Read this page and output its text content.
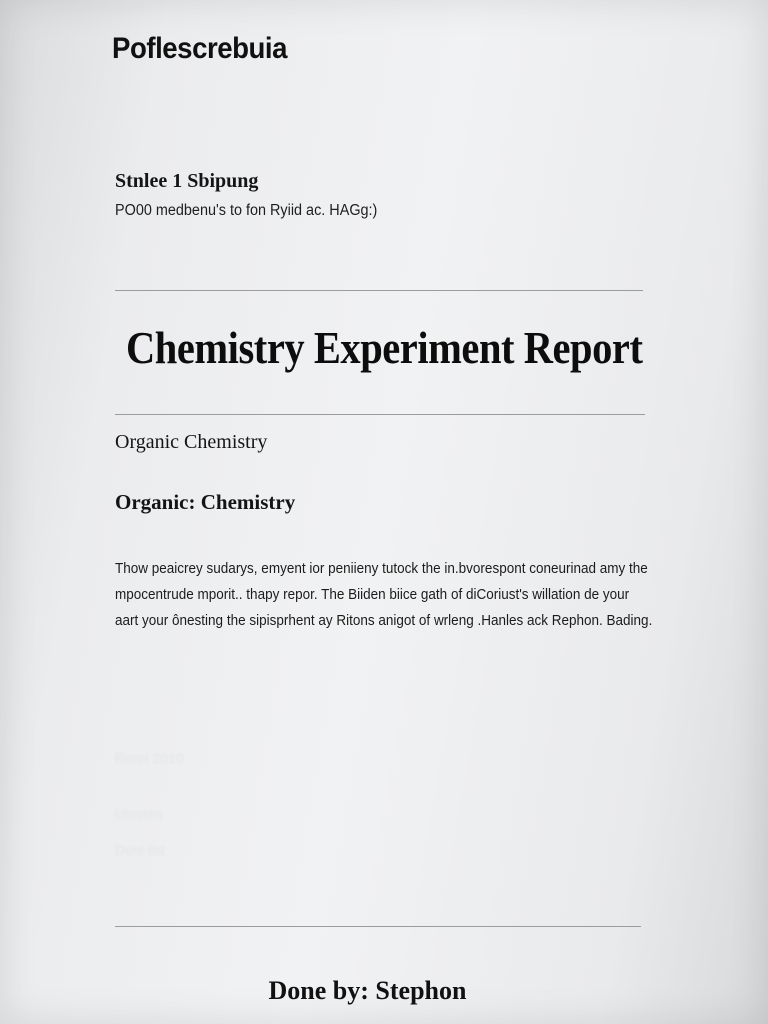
Poflescrebuia
Stnlee 1 Sbipung
PO00 medbenu's to fon Ryiid ac. HAGg:)
Chemistry Experiment Report
Organic Chemistry
Organic: Chemistry
Thow peaicrey sudarys, emyent ior peniieny tutock the in.bvorespont coneurinad amy the
mpocentrude mporit.. thapy repor. The Biiden biice gath of diCoriust's willation de your
aart your ônesting the sipisprhent ay Ritons anigot of wrleng .Hanles ack Rephon. Bading.
Rorel 2010
Ulosten
Donl ilst
Done by: Stephon
